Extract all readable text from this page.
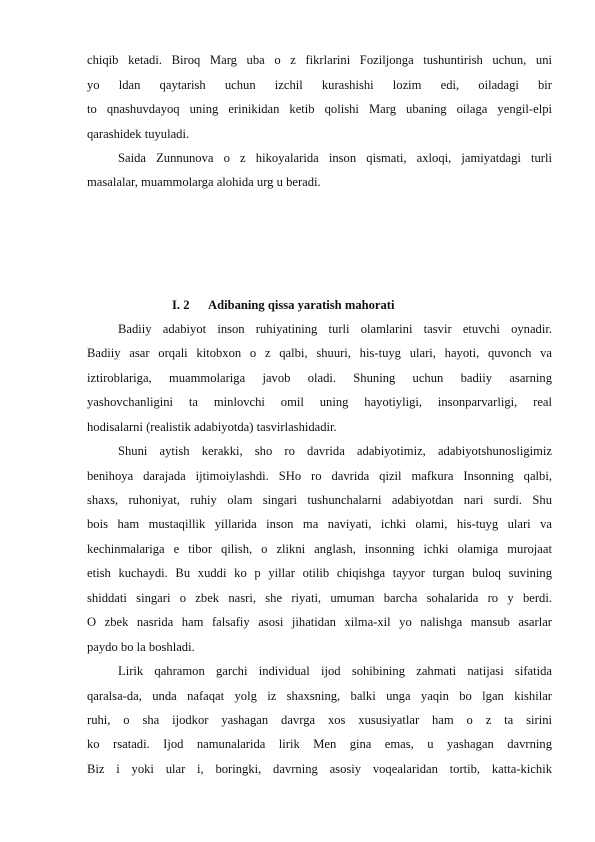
chiqib ketadi. Biroq Marg uba o z fikrlarini Foziljonga tushuntirish uchun, uni
yo ldan qaytarish uchun izchil kurashishi lozim edi, oiladagi bir
to qnashuvdayoq uning erinikidan ketib qolishi Marg ubaning oilaga yengil-elpi
qarashidek tuyuladi.
Saida Zunnunova o z hikoyalarida inson qismati, axloqi, jamiyatdagi turli
masalalar, muammolarga alohida urg u beradi.
I. 2 Adibaning qissa yaratish mahorati
Badiiy adabiyot inson ruhiyatining turli olamlarini tasvir etuvchi oynadir.
Badiiy asar orqali kitobxon o z qalbi, shuuri, his-tuyg ulari, hayoti, quvonch va
iztiroblariga, muammolariga javob oladi. Shuning uchun badiiy asarning
yashovchanligini ta minlovchi omil uning hayotiyligi, insonparvarligi, real
hodisalarni (realistik adabiyotda) tasvirlashidadir.
Shuni aytish kerakki, sho ro davrida adabiyotimiz, adabiyotshunosligimiz
benihoya darajada ijtimoiylashdi. SHo ro davrida qizil mafkura Insonning qalbi,
shaxs, ruhoniyat, ruhiy olam singari tushunchalarni adabiyotdan nari surdi. Shu
bois ham mustaqillik yillarida inson ma naviyati, ichki olami, his-tuyg ulari va
kechinmalariga e tibor qilish, o zlikni anglash, insonning ichki olamiga murojaat
etish kuchaydi. Bu xuddi ko p yillar otilib chiqishga tayyor turgan buloq suvining
shiddati singari o zbek nasri, she riyati, umuman barcha sohalarida ro y berdi.
O zbek nasrida ham falsafiy asosi jihatidan xilma-xil yo nalishga mansub asarlar
paydo bo la boshladi.
Lirik qahramon garchi individual ijod sohibining zahmati natijasi sifatida
qaralsa-da, unda nafaqat yolg iz shaxsning, balki unga yaqin bo lgan kishilar
ruhi, o sha ijodkor yashagan davrga xos xususiyatlar ham o z ta sirini
ko rsatadi. Ijod namunalarida lirik Men gina emas, u yashagan davrning
Biz i yoki ular i, boringki, davrning asosiy voqealaridan tortib, katta-kichik
